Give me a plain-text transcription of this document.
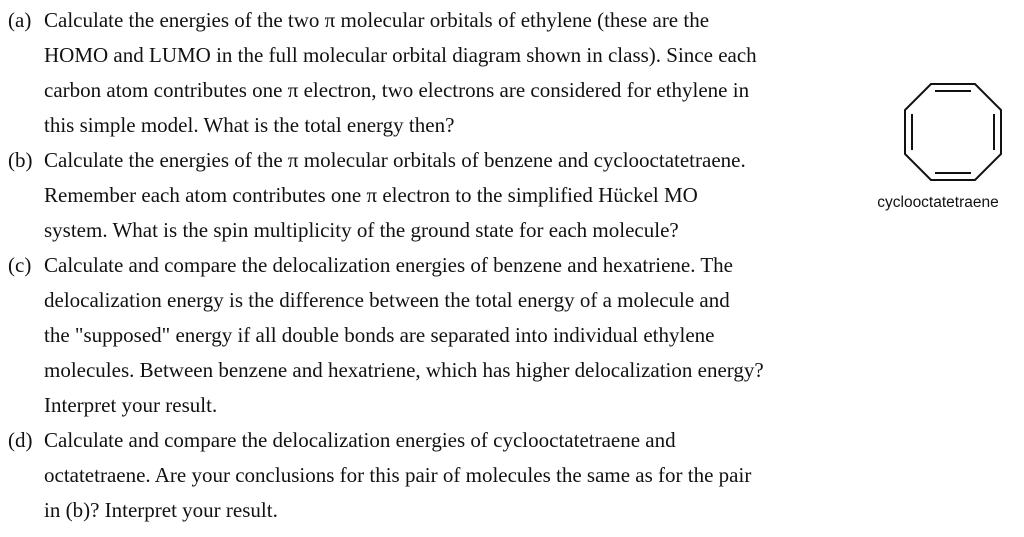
(a) Calculate the energies of the two π molecular orbitals of ethylene (these are the
HOMO and LUMO in the full molecular orbital diagram shown in class). Since each
carbon atom contributes one π electron, two electrons are considered for ethylene in
this simple model. What is the total energy then?
(b) Calculate the energies of the π molecular orbitals of benzene and cyclooctatetraene.
Remember each atom contributes one π electron to the simplified Hückel MO
system. What is the spin multiplicity of the ground state for each molecule?
(c) Calculate and compare the delocalization energies of benzene and hexatriene. The
delocalization energy is the difference between the total energy of a molecule and
the "supposed" energy if all double bonds are separated into individual ethylene
molecules. Between benzene and hexatriene, which has higher delocalization energy?
Interpret your result.
(d) Calculate and compare the delocalization energies of cyclooctatetraene and
octatetraene. Are your conclusions for this pair of molecules the same as for the pair
in (b)? Interpret your result.
cyclooctatetraene
